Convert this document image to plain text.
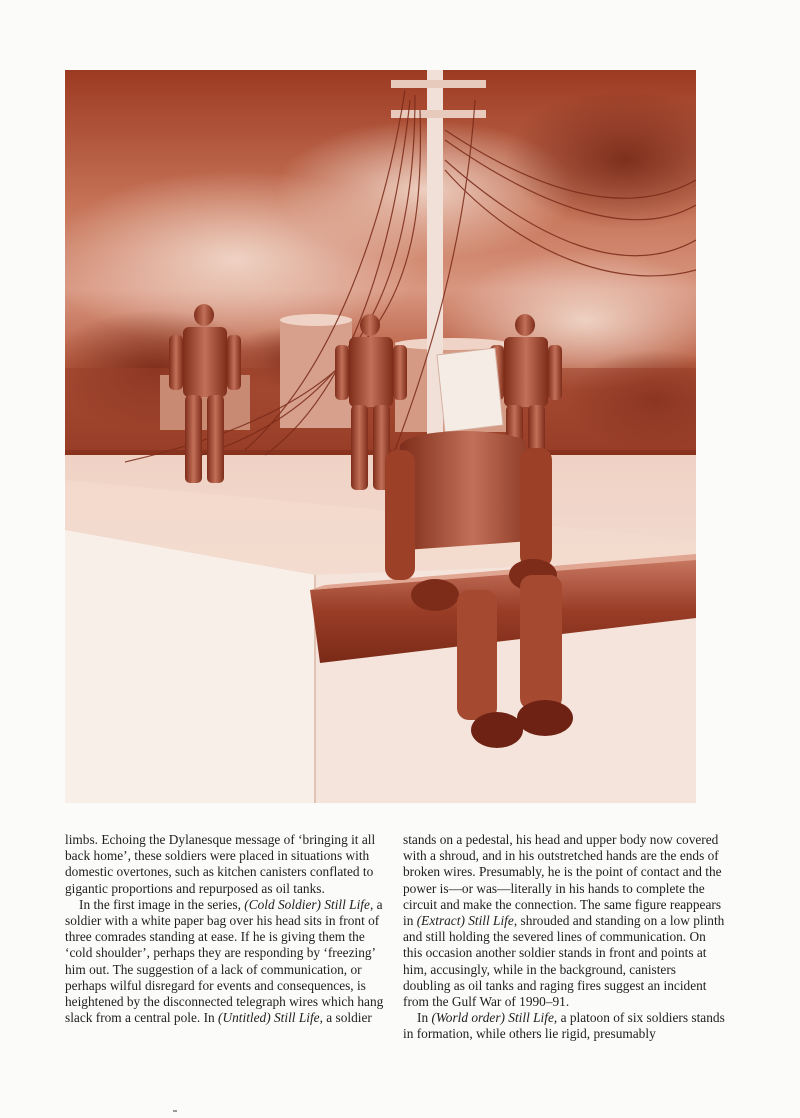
limbs. Echoing the Dylanesque message of ‘bringing it all back home’, these soldiers were placed in situations with domestic overtones, such as kitchen canisters conflated to gigantic proportions and repurposed as oil tanks.

In the first image in the series, (Cold Soldier) Still Life, a soldier with a white paper bag over his head sits in front of three comrades standing at ease. If he is giving them the ‘cold shoulder’, perhaps they are responding by ‘freezing’ him out. The suggestion of a lack of communication, or perhaps wilful disregard for events and consequences, is heightened by the disconnected telegraph wires which hang slack from a central pole. In (Untitled) Still Life, a soldier

stands on a pedestal, his head and upper body now covered with a shroud, and in his outstretched hands are the ends of broken wires. Presumably, he is the point of contact and the power is—or was—literally in his hands to complete the circuit and make the connection. The same figure reappears in (Extract) Still Life, shrouded and standing on a low plinth and still holding the severed lines of communication. On this occasion another soldier stands in front and points at him, accusingly, while in the background, canisters doubling as oil tanks and raging fires suggest an incident from the Gulf War of 1990–91.

In (World order) Still Life, a platoon of six soldiers stands in formation, while others lie rigid, presumably
